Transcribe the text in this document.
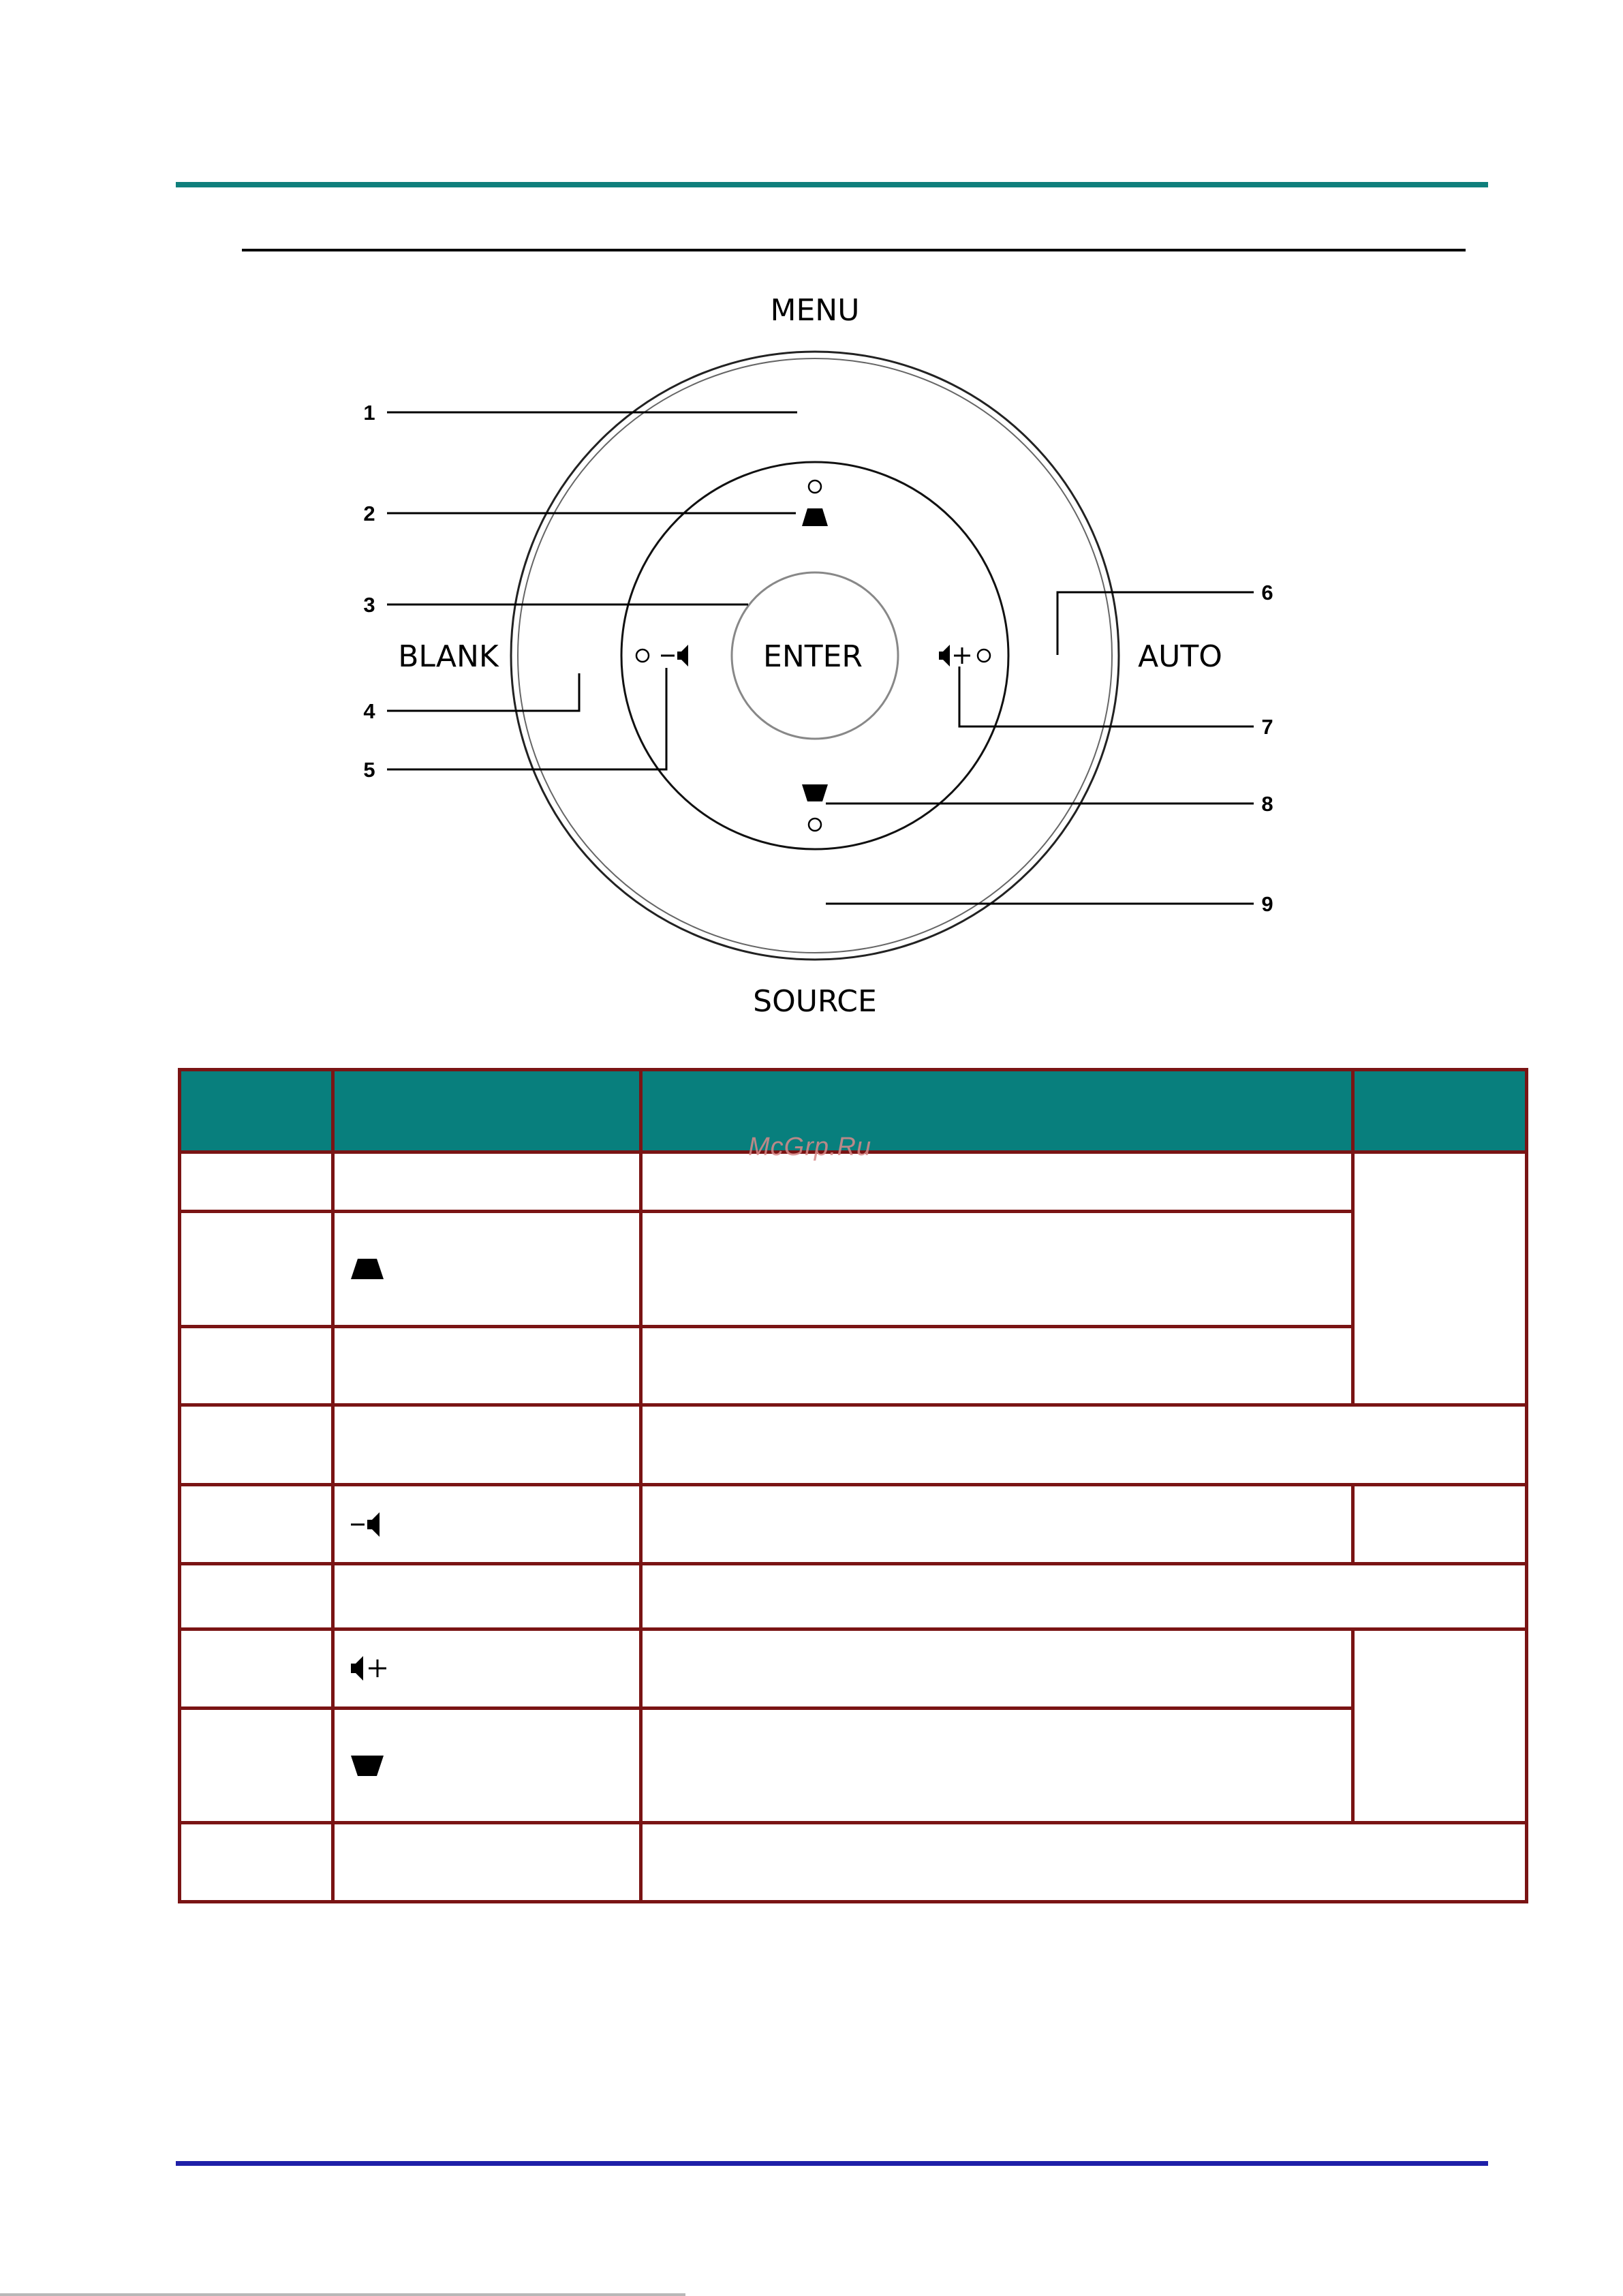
MENU
BLANK	ENTER	AUTO
SOURCE
1
2
3
4
5
6
7
8
9

McGrp.Ru
